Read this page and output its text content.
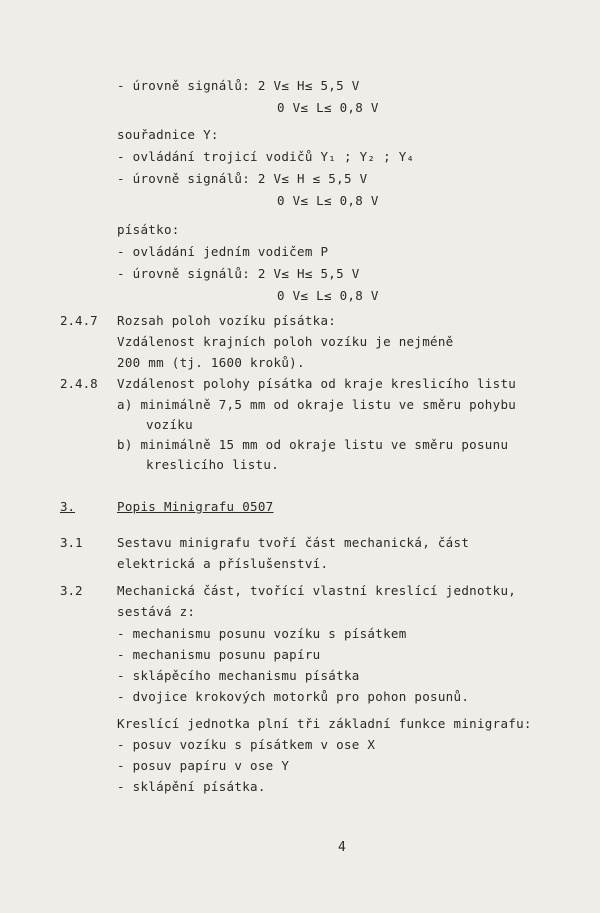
- úrovně signálů: 2 V≤ H≤ 5,5 V
0 V≤ L≤ 0,8 V
souřadnice Y:
- ovládání trojicí vodičů Y₁ ; Y₂ ; Y₄
- úrovně signálů: 2 V≤ H ≤ 5,5 V
0 V≤ L≤ 0,8 V
písátko:
- ovládání jedním vodičem P
- úrovně signálů: 2 V≤ H≤ 5,5 V
0 V≤ L≤ 0,8 V
2.4.7 Rozsah poloh vozíku písátka:
Vzdálenost krajních poloh vozíku je nejméně
200 mm (tj. 1600 kroků).
2.4.8 Vzdálenost polohy písátka od kraje kreslicího listu
a) minimálně 7,5 mm od okraje listu ve směru pohybu
vozíku
b) minimálně 15 mm od okraje listu ve směru posunu
kreslicího listu.
3.	Popis Minigrafu 0507
3.1	Sestavu minigrafu tvoří část mechanická, část
elektrická a příslušenství.
3.2	Mechanická část, tvořící vlastní kreslící jednotku,
sestává z:
- mechanismu posunu vozíku s písátkem
- mechanismu posunu papíru
- sklápěcího mechanismu písátka
- dvojice krokových motorků pro pohon posunů.
Kreslící jednotka plní tři základní funkce minigrafu:
- posuv vozíku s písátkem v ose X
- posuv papíru v ose Y
- sklápění písátka.
4
